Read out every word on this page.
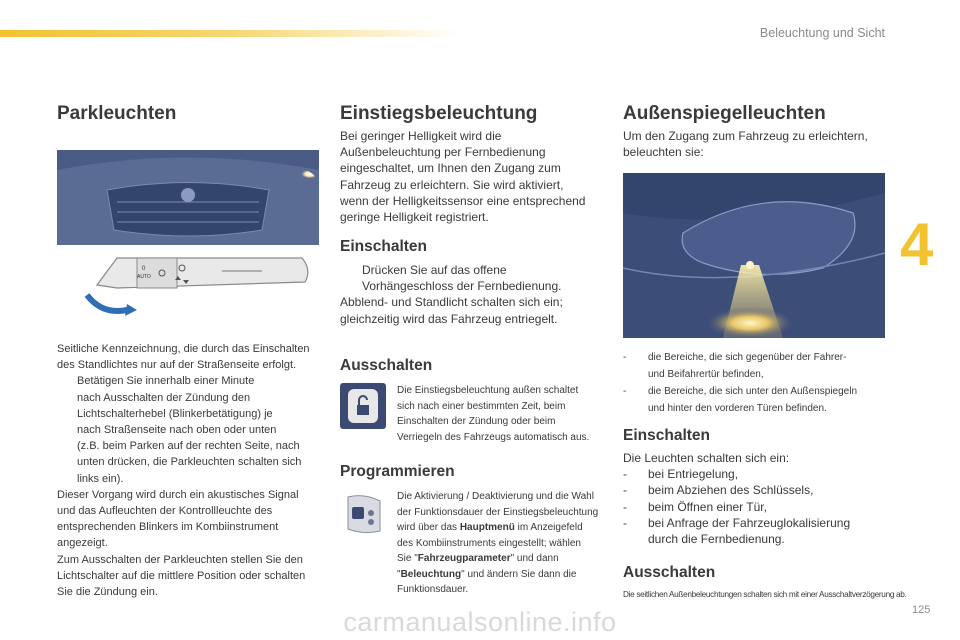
Beleuchtung und Sicht
4
Parkleuchten
0
AUTO
Seitliche Kennzeichnung, die durch das Einschalten
des Standlichtes nur auf der Straßenseite erfolgt.
Betätigen Sie innerhalb einer Minute
nach Ausschalten der Zündung den
Lichtschalterhebel (Blinkerbetätigung) je
nach Straßenseite nach oben oder unten
(z.B. beim Parken auf der rechten Seite, nach
unten drücken, die Parkleuchten schalten sich
links ein).
Dieser Vorgang wird durch ein akustisches Signal
und das Aufleuchten der Kontrollleuchte des
entsprechenden Blinkers im Kombiinstrument
angezeigt.
Zum Ausschalten der Parkleuchten stellen Sie den
Lichtschalter auf die mittlere Position oder schalten
Sie die Zündung ein.
Einstiegsbeleuchtung
Bei geringer Helligkeit wird die
Außenbeleuchtung per Fernbedienung
eingeschaltet, um Ihnen den Zugang zum
Fahrzeug zu erleichtern. Sie wird aktiviert,
wenn der Helligkeitssensor eine entsprechend
geringe Helligkeit registriert.
Einschalten
Drücken Sie auf das offene
Vorhängeschloss der Fernbedienung.
Abblend- und Standlicht schalten sich ein;
gleichzeitig wird das Fahrzeug entriegelt.
Ausschalten
Die Einstiegsbeleuchtung außen schaltet
sich nach einer bestimmten Zeit, beim
Einschalten der Zündung oder beim
Verriegeln des Fahrzeugs automatisch aus.
Programmieren
Die Aktivierung / Deaktivierung und die Wahl
der Funktionsdauer der Einstiegsbeleuchtung
wird über das Hauptmenü im Anzeigefeld
des Kombiinstruments eingestellt; wählen
Sie "Fahrzeugparameter" und dann
"Beleuchtung" und ändern Sie dann die
Funktionsdauer.
Außenspiegelleuchten
Um den Zugang zum Fahrzeug zu erleichtern,
beleuchten sie:
-	die Bereiche, die sich gegenüber der Fahrer-
und Beifahrertür befinden,
-	die Bereiche, die sich unter den Außenspiegeln
und hinter den vorderen Türen befinden.
Einschalten
Die Leuchten schalten sich ein:
-	bei Entriegelung,
-	beim Abziehen des Schlüssels,
-	beim Öffnen einer Tür,
-	bei Anfrage der Fahrzeuglokalisierung
durch die Fernbedienung.
Ausschalten
Die seitlichen Außenbeleuchtungen schalten sich mit einer Ausschaltverzögerung ab.
carmanualsonline.info	125
